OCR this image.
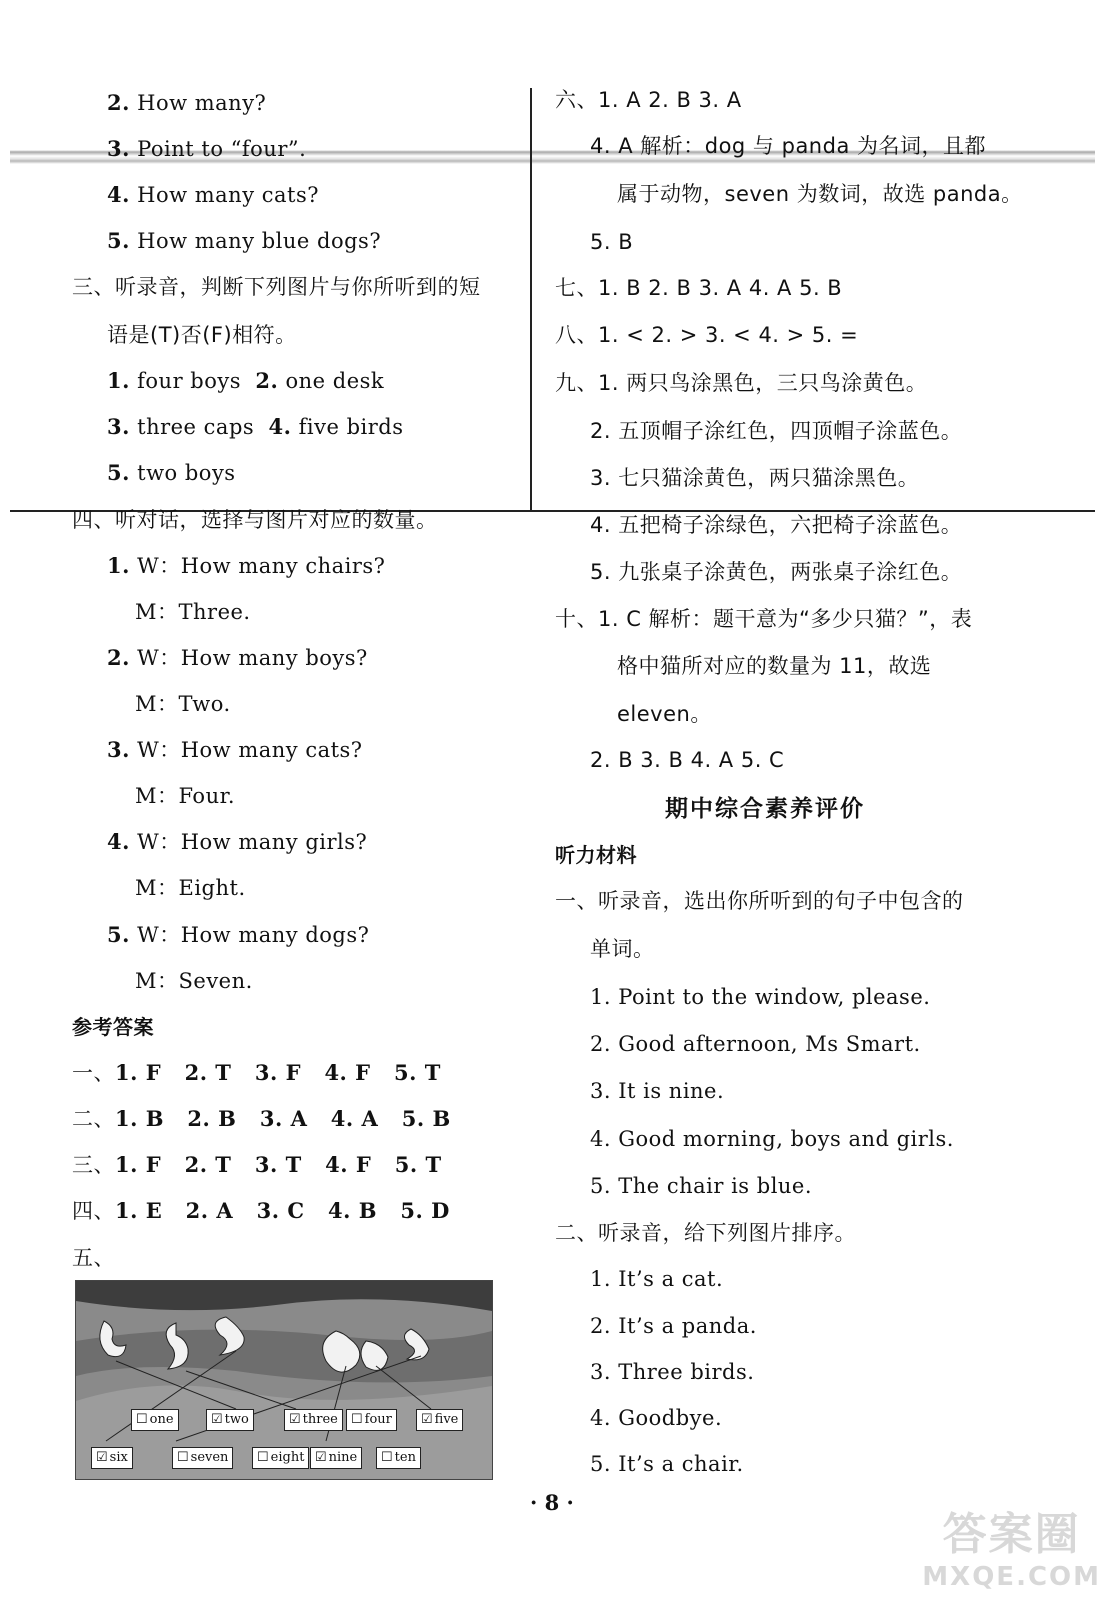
2. How many?
3. Point to “four”.
4. How many cats?
5. How many blue dogs?
三、听录音，判断下列图片与你所听到的短
语是(T)否(F)相符。
1. four boys 2. one desk
3. three caps 4. five birds
5. two boys
四、听对话，选择与图片对应的数量。
1. W：How many chairs?
M：Three.
2. W：How many boys?
M：Two.
3. W：How many cats?
M：Four.
4. W：How many girls?
M：Eight.
5. W：How many dogs?
M：Seven.
参考答案
一、1. F   2. T   3. F   4. F   5. T
二、1. B   2. B   3. A   4. A   5. B
三、1. F   2. T   3. T   4. F   5. T
四、1. E   2. A   3. C   4. B   5. D
五、
☐ one	☑ two	☑ three	☐ four	☑ five
☑ six	☐ seven	☐ eight ☑ nine	☐ ten
六、1. A 2. B 3. A
4. A 解析：dog 与 panda 为名词，且都
属于动物，seven 为数词，故选 panda。
5. B
七、1. B 2. B 3. A 4. A 5. B
八、1. < 2. > 3. < 4. > 5. =
九、1. 两只鸟涂黑色，三只鸟涂黄色。
2. 五顶帽子涂红色，四顶帽子涂蓝色。
3. 七只猫涂黄色，两只猫涂黑色。
4. 五把椅子涂绿色，六把椅子涂蓝色。
5. 九张桌子涂黄色，两张桌子涂红色。
十、1. C 解析：题干意为“多少只猫？”，表
格中猫所对应的数量为 11，故选
eleven。
2. B 3. B 4. A 5. C
期中综合素养评价
听力材料
一、听录音，选出你所听到的句子中包含的
单词。
1. Point to the window, please.
2. Good afternoon, Ms Smart.
3. It is nine.
4. Good morning, boys and girls.
5. The chair is blue.
二、听录音，给下列图片排序。
1. It’s a cat.
2. It’s a panda.
3. Three birds.
4. Goodbye.
5. It’s a chair.
· 8 ·
答案圈
MXQE.COM
